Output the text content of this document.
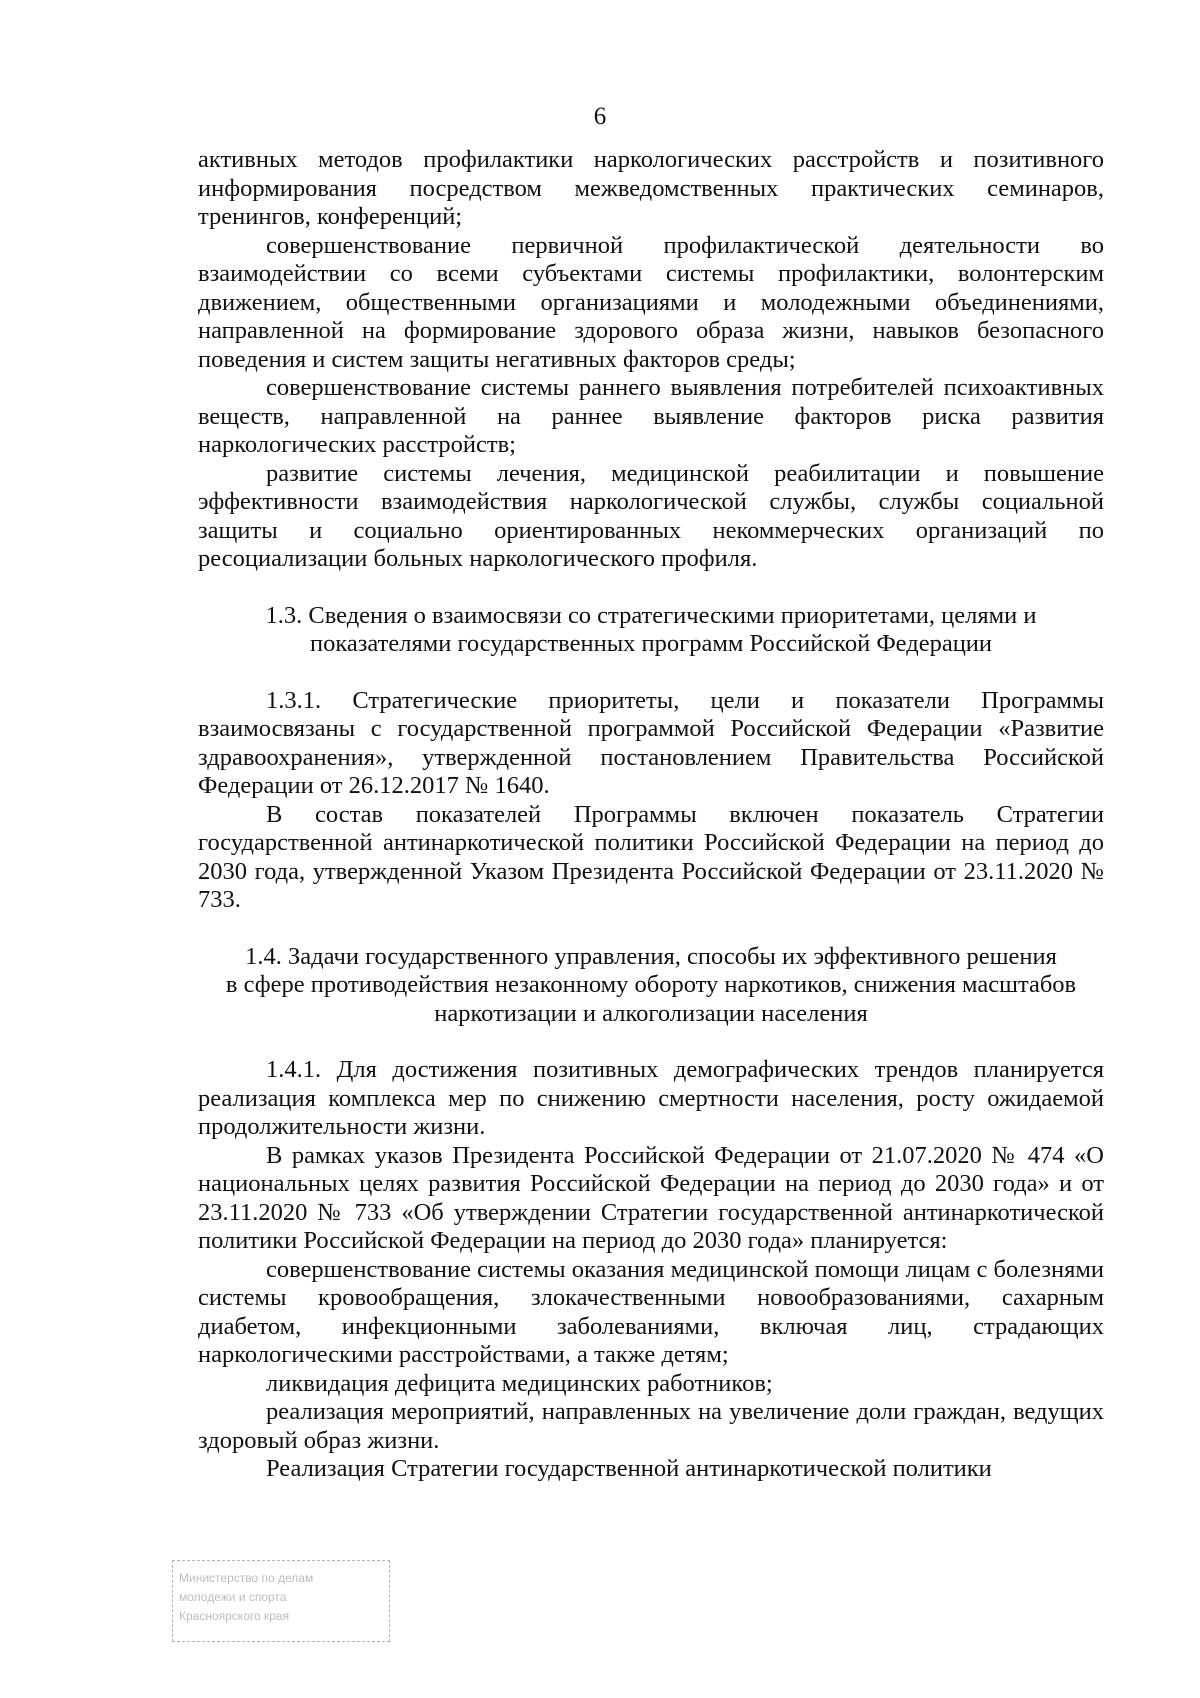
6

активных методов профилактики наркологических расстройств и позитивного информирования посредством межведомственных практических семинаров, тренингов, конференций;

совершенствование первичной профилактической деятельности во взаимодействии со всеми субъектами системы профилактики, волонтерским движением, общественными организациями и молодежными объединениями, направленной на формирование здорового образа жизни, навыков безопасного поведения и систем защиты негативных факторов среды;

совершенствование системы раннего выявления потребителей психоактивных веществ, направленной на раннее выявление факторов риска развития наркологических расстройств;

развитие системы лечения, медицинской реабилитации и повышение эффективности взаимодействия наркологической службы, службы социальной защиты и социально ориентированных некоммерческих организаций по ресоциализации больных наркологического профиля.

1.3. Сведения о взаимосвязи со стратегическими приоритетами, целями и
показателями государственных программ Российской Федерации

1.3.1. Стратегические приоритеты, цели и показатели Программы взаимосвязаны с государственной программой Российской Федерации «Развитие здравоохранения», утвержденной постановлением Правительства Российской Федерации от 26.12.2017 № 1640.

В состав показателей Программы включен показатель Стратегии государственной антинаркотической политики Российской Федерации на период до 2030 года, утвержденной Указом Президента Российской Федерации от 23.11.2020 № 733.

1.4. Задачи государственного управления, способы их эффективного решения
в сфере противодействия незаконному обороту наркотиков, снижения масштабов
наркотизации и алкоголизации населения

1.4.1. Для достижения позитивных демографических трендов планируется реализация комплекса мер по снижению смертности населения, росту ожидаемой продолжительности жизни.

В рамках указов Президента Российской Федерации от 21.07.2020 № 474 «О национальных целях развития Российской Федерации на период до 2030 года» и от 23.11.2020 № 733 «Об утверждении Стратегии государственной антинаркотической политики Российской Федерации на период до 2030 года» планируется:

совершенствование системы оказания медицинской помощи лицам с болезнями системы кровообращения, злокачественными новообразованиями, сахарным диабетом, инфекционными заболеваниями, включая лиц, страдающих наркологическими расстройствами, а также детям;

ликвидация дефицита медицинских работников;

реализация мероприятий, направленных на увеличение доли граждан, ведущих здоровый образ жизни.

Реализация Стратегии государственной антинаркотической политики

Министерство по делам
молодежи и спорта
Красноярского края
